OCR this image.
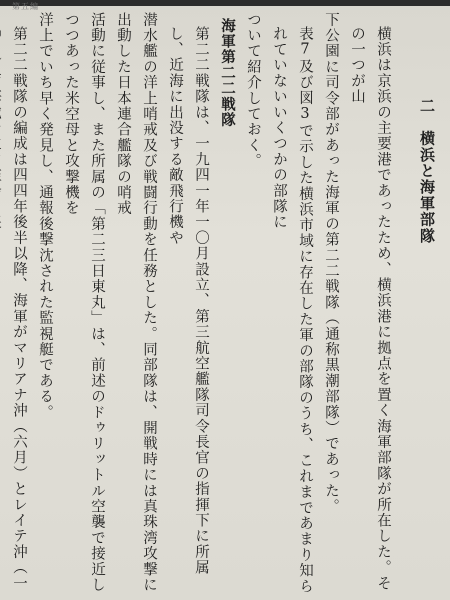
第五編

二　横浜と海軍部隊

横浜は京浜の主要港であったため、横浜港に拠点を置く海軍部隊が所在した。その一つが山

下公園に司令部があった海軍の第二二戦隊（通称黒潮部隊）であった。

表7及び図3で示した横浜市域に存在した軍の部隊のうち、これまであまり知られていないいくつかの部隊に

ついて紹介しておく。

海軍第二二戦隊

第二二戦隊は、一九四一年一〇月設立、第三航空艦隊司令長官の指揮下に所属し、近海に出没する敵飛行機や

潜水艦の洋上哨戒及び戦闘行動を任務とした。同部隊は、開戦時には真珠湾攻撃に出動した日本連合艦隊の哨戒

活動に従事し、また所属の「第二三日東丸」は、前述のドゥリットル空襲で接近しつつあった米空母と攻撃機を

洋上でいち早く発見し、通報後撃沈された監視艇である。

第二二戦隊の編成は四四年後半以降、海軍がマリアナ沖（六月）とレイテ沖（一
